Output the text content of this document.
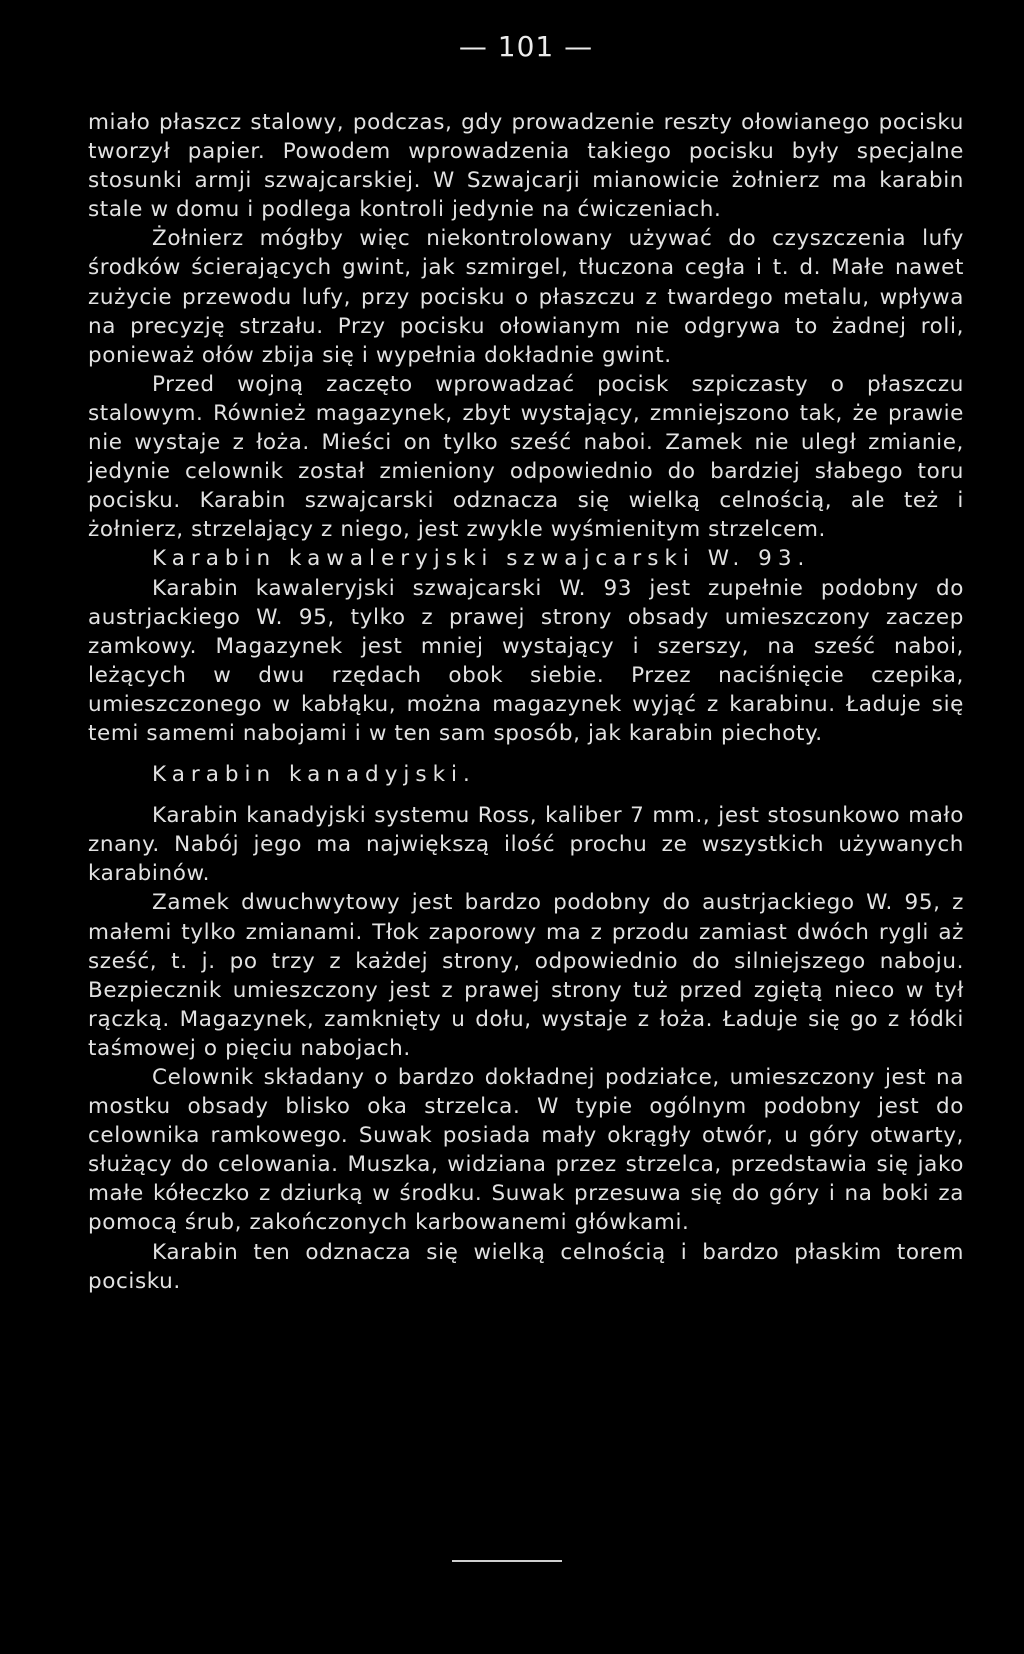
— 101 —

miało płaszcz stalowy, podczas, gdy prowadzenie reszty ołowianego pocisku tworzył papier. Powodem wprowadzenia takiego pocisku były specjalne stosunki armji szwajcarskiej. W Szwajcarji mianowicie żołnierz ma karabin stale w domu i podlega kontroli jedynie na ćwiczeniach.

Żołnierz mógłby więc niekontrolowany używać do czyszczenia lufy środków ścierających gwint, jak szmirgel, tłuczona cegła i t. d. Małe nawet zużycie przewodu lufy, przy pocisku o płaszczu z twardego metalu, wpływa na precyzję strzału. Przy pocisku ołowianym nie odgrywa to żadnej roli, ponieważ ołów zbija się i wypełnia dokładnie gwint.

Przed wojną zaczęto wprowadzać pocisk szpiczasty o płaszczu stalowym. Również magazynek, zbyt wystający, zmniejszono tak, że prawie nie wystaje z łoża. Mieści on tylko sześć naboi. Zamek nie uległ zmianie, jedynie celownik został zmieniony odpowiednio do bardziej słabego toru pocisku. Karabin szwajcarski odznacza się wielką celnością, ale też i żołnierz, strzelający z niego, jest zwykle wyśmienitym strzelcem.

Karabin kawaleryjski szwajcarski W. 93.

Karabin kawaleryjski szwajcarski W. 93 jest zupełnie podobny do austrjackiego W. 95, tylko z prawej strony obsady umieszczony zaczep zamkowy. Magazynek jest mniej wystający i szerszy, na sześć naboi, leżących w dwu rzędach obok siebie. Przez naciśnięcie czepika, umieszczonego w kabłąku, można magazynek wyjąć z karabinu. Ładuje się temi samemi nabojami i w ten sam sposób, jak karabin piechoty.

Karabin kanadyjski.

Karabin kanadyjski systemu Ross, kaliber 7 mm., jest stosunkowo mało znany. Nabój jego ma największą ilość prochu ze wszystkich używanych karabinów.

Zamek dwuchwytowy jest bardzo podobny do austrjackiego W. 95, z małemi tylko zmianami. Tłok zaporowy ma z przodu zamiast dwóch rygli aż sześć, t. j. po trzy z każdej strony, odpowiednio do silniejszego naboju. Bezpiecznik umieszczony jest z prawej strony tuż przed zgiętą nieco w tył rączką. Magazynek, zamknięty u dołu, wystaje z łoża. Ładuje się go z łódki taśmowej o pięciu nabojach.

Celownik składany o bardzo dokładnej podziałce, umieszczony jest na mostku obsady blisko oka strzelca. W typie ogólnym podobny jest do celownika ramkowego. Suwak posiada mały okrągły otwór, u góry otwarty, służący do celowania. Muszka, widziana przez strzelca, przedstawia się jako małe kółeczko z dziurką w środku. Suwak przesuwa się do góry i na boki za pomocą śrub, zakończonych karbowanemi główkami.

Karabin ten odznacza się wielką celnością i bardzo płaskim torem pocisku.
